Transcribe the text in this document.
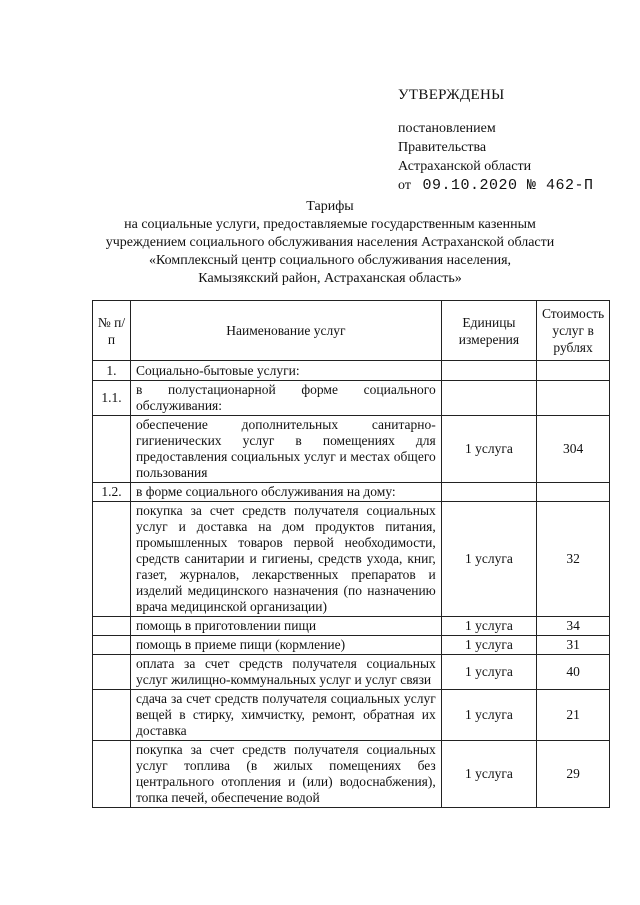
УТВЕРЖДЕНЫ
постановлением
Правительства
Астраханской области
от 09.10.2020 № 462-П
Тарифы
на социальные услуги, предоставляемые государственным казенным
учреждением социального обслуживания населения Астраханской области
«Комплексный центр социального обслуживания населения,
Камызякский район, Астраханская область»
№ п/п	Наименование услуг	Единицы измерения	Стоимость услуг в рублях
1.	Социально-бытовые услуги:		
1.1.	в полустационарной форме социального обслуживания:		
	обеспечение дополнительных санитарно-гигиенических услуг в помещениях для предоставления социальных услуг и местах общего пользования	1 услуга	304
1.2.	в форме социального обслуживания на дому:		
	покупка за счет средств получателя социальных услуг и доставка на дом продуктов питания, промышленных товаров первой необходимости, средств санитарии и гигиены, средств ухода, книг, газет, журналов, лекарственных препаратов и изделий медицинского назначения (по назначению врача медицинской организации)	1 услуга	32
	помощь в приготовлении пищи	1 услуга	34
	помощь в приеме пищи (кормление)	1 услуга	31
	оплата за счет средств получателя социальных услуг жилищно-коммунальных услуг и услуг связи	1 услуга	40
	сдача за счет средств получателя социальных услуг вещей в стирку, химчистку, ремонт, обратная их доставка	1 услуга	21
	покупка за счет средств получателя социальных услуг топлива (в жилых помещениях без центрального отопления и (или) водоснабжения), топка печей, обеспечение водой	1 услуга	29
